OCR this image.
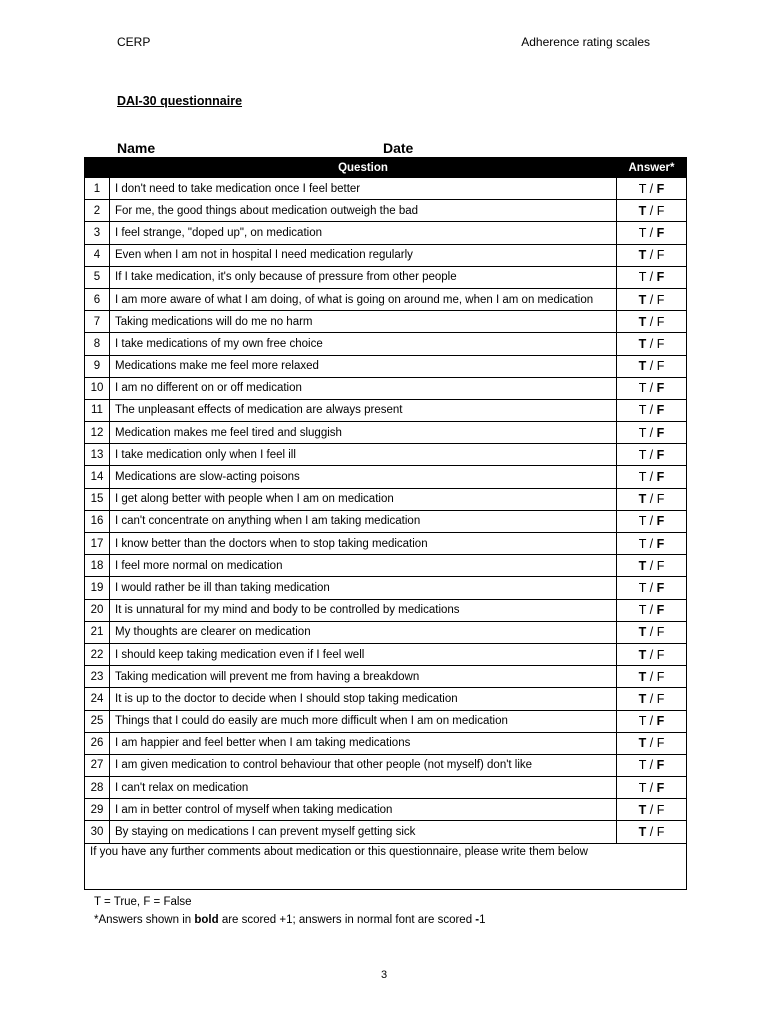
CERP	Adherence rating scales
DAI-30 questionnaire
Name	Date
	Question	Answer*
1	I don't need to take medication once I feel better	T / F
2	For me, the good things about medication outweigh the bad	T / F
3	I feel strange, "doped up", on medication	T / F
4	Even when I am not in hospital I need medication regularly	T / F
5	If I take medication, it's only because of pressure from other people	T / F
6	I am more aware of what I am doing, of what is going on around me, when I am on medication	T / F
7	Taking medications will do me no harm	T / F
8	I take medications of my own free choice	T / F
9	Medications make me feel more relaxed	T / F
10	I am no different on or off medication	T / F
11	The unpleasant effects of medication are always present	T / F
12	Medication makes me feel tired and sluggish	T / F
13	I take medication only when I feel ill	T / F
14	Medications are slow-acting poisons	T / F
15	I get along better with people when I am on medication	T / F
16	I can't concentrate on anything when I am taking medication	T / F
17	I know better than the doctors when to stop taking medication	T / F
18	I feel more normal on medication	T / F
19	I would rather be ill than taking medication	T / F
20	It is unnatural for my mind and body to be controlled by medications	T / F
21	My thoughts are clearer on medication	T / F
22	I should keep taking medication even if I feel well	T / F
23	Taking medication will prevent me from having a breakdown	T / F
24	It is up to the doctor to decide when I should stop taking medication	T / F
25	Things that I could do easily are much more difficult when I am on medication	T / F
26	I am happier and feel better when I am taking medications	T / F
27	I am given medication to control behaviour that other people (not myself) don't like	T / F
28	I can't relax on medication	T / F
29	I am in better control of myself when taking medication	T / F
30	By staying on medications I can prevent myself getting sick	T / F
If you have any further comments about medication or this questionnaire, please write them below		
T = True, F = False
*Answers shown in bold are scored +1; answers in normal font are scored -1
3
